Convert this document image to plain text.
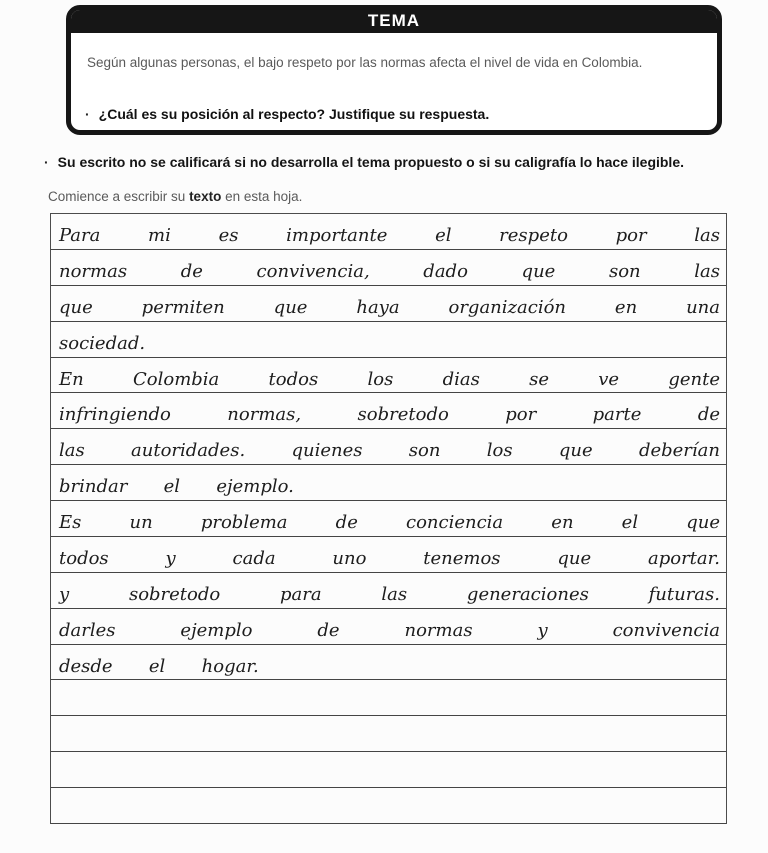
TEMA
Según algunas personas, el bajo respeto por las normas afecta el nivel de vida en Colombia.
· ¿Cuál es su posición al respecto? Justifique su respuesta.
· Su escrito no se calificará si no desarrolla el tema propuesto o si su caligrafía lo hace ilegible.
Comience a escribir su texto en esta hoja.
Para mi es importante el respeto por las
normas de convivencia, dado que son las
que permiten que haya organización en una
sociedad.
En Colombia todos los dias se ve gente
infringiendo normas, sobretodo por parte de
las autoridades. quienes son los que deberían
brindar el ejemplo.
Es un problema de conciencia en el que
todos y cada uno tenemos que aportar.
y sobretodo para las generaciones futuras.
darles ejemplo de normas y convivencia
desde el hogar.
